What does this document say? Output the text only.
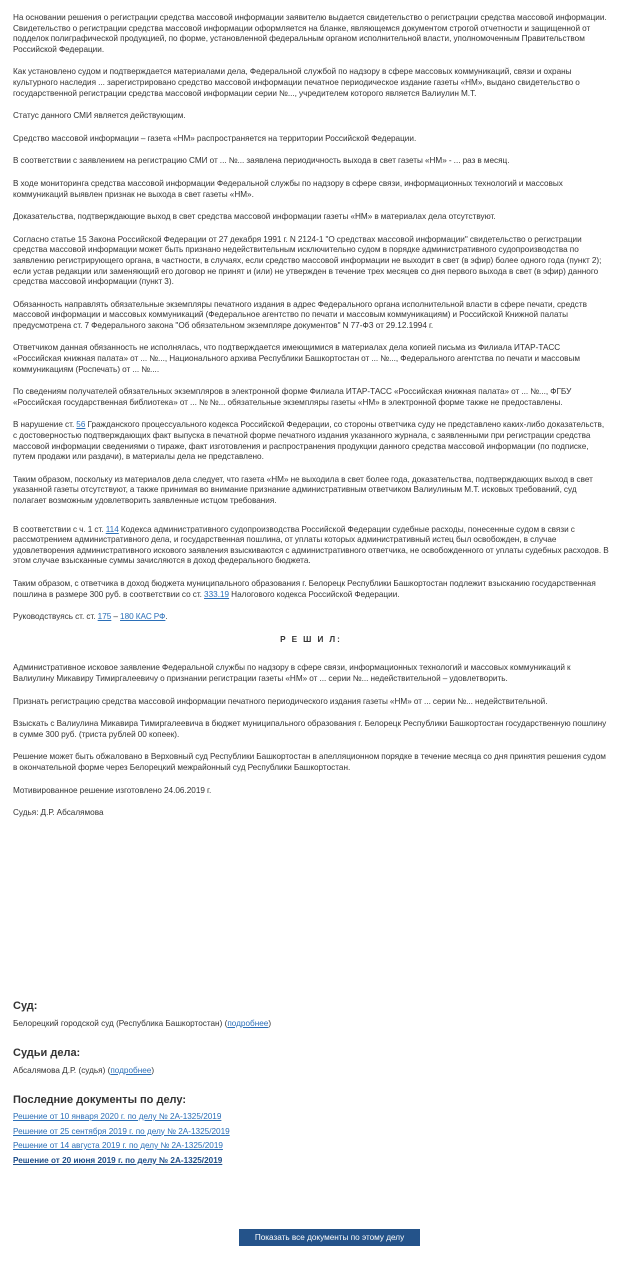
На основании решения о регистрации средства массовой информации заявителю выдается свидетельство о регистрации средства массовой информации. Свидетельство о регистрации средства массовой информации оформляется на бланке, являющемся документом строгой отчетности и защищенной от подделок полиграфической продукцией, по форме, установленной федеральным органом исполнительной власти, уполномоченным Правительством Российской Федерации.

Как установлено судом и подтверждается материалами дела, Федеральной службой по надзору в сфере массовых коммуникаций, связи и охраны культурного наследия ... зарегистрировано средство массовой информации печатное периодическое издание газеты «НМ», выдано свидетельство о государственной регистрации средства массовой информации серии №..., учредителем которого является Валиулин М.Т.

Статус данного СМИ является действующим.

Средство массовой информации – газета «НМ» распространяется на территории Российской Федерации.

В соответствии с заявлением на регистрацию СМИ от ... №... заявлена периодичность выхода в свет газеты «НМ» - ... раз в месяц.

В ходе мониторинга средства массовой информации Федеральной службы по надзору в сфере связи, информационных технологий и массовых коммуникаций выявлен признак не выхода в свет газеты «НМ».

Доказательства, подтверждающие выход в свет средства массовой информации газеты «НМ» в материалах дела отсутствуют.

Согласно статье 15 Закона Российской Федерации от 27 декабря 1991 г. N 2124-1 "О средствах массовой информации" свидетельство о регистрации средства массовой информации может быть признано недействительным исключительно судом в порядке административного судопроизводства по заявлению регистрирующего органа, в частности, в случаях, если средство массовой информации не выходит в свет (в эфир) более одного года (пункт 2); если устав редакции или заменяющий его договор не принят и (или) не утвержден в течение трех месяцев со дня первого выхода в свет (в эфир) данного средства массовой информации (пункт 3).

Обязанность направлять обязательные экземпляры печатного издания в адрес Федерального органа исполнительной власти в сфере печати, средств массовой информации и массовых коммуникаций (Федеральное агентство по печати и массовым коммуникациям) и Российской Книжной палаты предусмотрена ст. 7 Федерального закона "Об обязательном экземпляре документов" N 77-ФЗ от 29.12.1994 г.

Ответчиком данная обязанность не исполнялась, что подтверждается имеющимися в материалах дела копией письма из Филиала ИТАР-ТАСС «Российская книжная палата» от ... №..., Национального архива Республики Башкортостан от ... №..., Федерального агентства по печати и массовым коммуникациям (Роспечать) от ... №....

По сведениям получателей обязательных экземпляров в электронной форме Филиала ИТАР-ТАСС «Российская книжная палата» от ... №..., ФГБУ «Российская государственная библиотека» от ... № №... обязательные экземпляры газеты «НМ» в электронной форме также не предоставлены.

В нарушение ст. 56 Гражданского процессуального кодекса Российской Федерации, со стороны ответчика суду не представлено каких-либо доказательств, с достоверностью подтверждающих факт выпуска в печатной форме печатного издания указанного журнала, с заявленными при регистрации средства массовой информации сведениями о тираже, факт изготовления и распространения продукции данного средства массовой информации (по подписке, путем продажи или раздачи), в материалы дела не представлено.

Таким образом, поскольку из материалов дела следует, что газета «НМ» не выходила в свет более года, доказательства, подтверждающих выход в свет указанной газеты отсутствуют, а также принимая во внимание признание административным ответчиком Валиулиным М.Т. исковых требований, суд полагает возможным удовлетворить заявленные истцом требования.

В соответствии с ч. 1 ст. 114 Кодекса административного судопроизводства Российской Федерации судебные расходы, понесенные судом в связи с рассмотрением административного дела, и государственная пошлина, от уплаты которых административный истец был освобожден, в случае удовлетворения административного искового заявления взыскиваются с административного ответчика, не освобожденного от уплаты судебных расходов. В этом случае взысканные суммы зачисляются в доход федерального бюджета.

Таким образом, с ответчика в доход бюджета муниципального образования г. Белорецк Республики Башкортостан подлежит взысканию государственная пошлина в размере 300 руб. в соответствии со ст. 333.19 Налогового кодекса Российской Федерации.

Руководствуясь ст. ст. 175 – 180 КАС РФ.

Р Е Ш И Л:

Административное исковое заявление Федеральной службы по надзору в сфере связи, информационных технологий и массовых коммуникаций к Валиулину Микавиру Тимиргалеевичу о признании регистрации газеты «НМ» от ... серии №... недействительной – удовлетворить.

Признать регистрацию средства массовой информации печатного периодического издания газеты «НМ» от ... серии №... недействительной.

Взыскать с Валиулина Микавира Тимиргалеевича в бюджет муниципального образования г. Белорецк Республики Башкортостан государственную пошлину в сумме 300 руб. (триста рублей 00 копеек).

Решение может быть обжаловано в Верховный суд Республики Башкортостан в апелляционном порядке в течение месяца со дня принятия решения судом в окончательной форме через Белорецкий межрайонный суд Республики Башкортостан.

Мотивированное решение изготовлено 24.06.2019 г.

Судья: Д.Р. Абсалямова

Суд:
Белорецкий городской суд (Республика Башкортостан) (подробнее)
Судьи дела:
Абсалямова Д.Р. (судья) (подробнее)
Последние документы по делу:
Решение от 10 января 2020 г. по делу № 2А-1325/2019
Решение от 25 сентября 2019 г. по делу № 2А-1325/2019
Решение от 14 августа 2019 г. по делу № 2А-1325/2019
Решение от 20 июня 2019 г. по делу № 2А-1325/2019
Показать все документы по этому делу
